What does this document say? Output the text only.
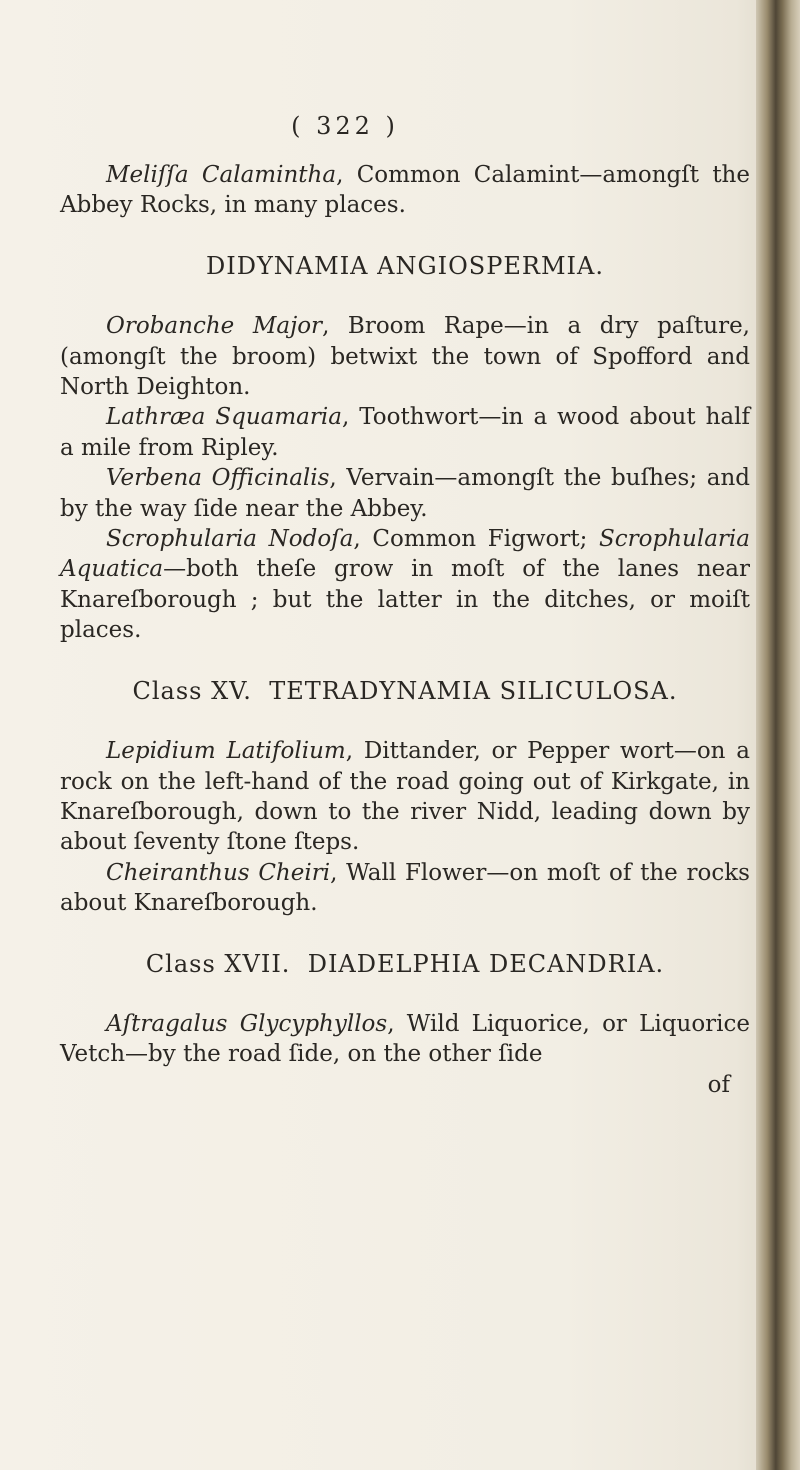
( 322 )

Meliſſa Calamintha, Common Calamint—amongſt the Abbey Rocks, in many places.

DIDYNAMIA ANGIOSPERMIA.

Orobanche Major, Broom Rape—in a dry paſture, (amongſt the broom) betwixt the town of Spofford and North Deighton.

Lathræa Squamaria, Toothwort—in a wood about half a mile from Ripley.

Verbena Officinalis, Vervain—amongſt the buſhes; and by the way ſide near the Abbey.

Scrophularia Nodoſa, Common Figwort; Scrophularia Aquatica—both theſe grow in moſt of the lanes near Knareſborough ; but the latter in the ditches, or moiſt places.

Class XV. TETRADYNAMIA SILICULOSA.

Lepidium Latifolium, Dittander, or Pepper wort—on a rock on the left-hand of the road going out of Kirkgate, in Knareſborough, down to the river Nidd, leading down by about ſeventy ſtone ſteps.

Cheiranthus Cheiri, Wall Flower—on moſt of the rocks about Knareſborough.

Class XVII. DIADELPHIA DECANDRIA.

Aſtragalus Glycyphyllos, Wild Liquorice, or Liquorice Vetch—by the road ſide, on the other ſide

of
